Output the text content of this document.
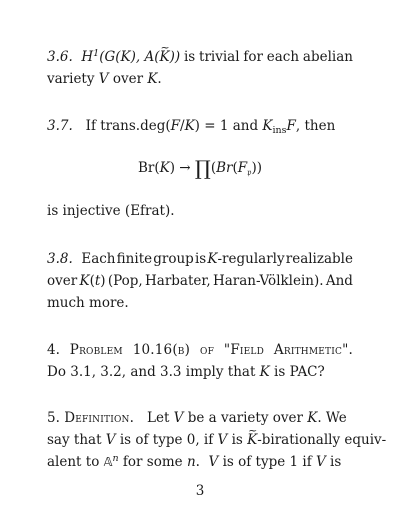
3.6. $H^1(G(K)$, A(K ~)) is trivial for each abelian
variety V over K.
3.7.   If trans.deg(F/K) = 1 and $K_{ins}F$, then
$Br(K) \to \prod(Br(F_𝔭))$
is injective (Efrat).
3.8.  Each finite group is K-regularly realizable
over K(t) (Pop, Harbater, Haran-Völklein). And
much more.
4. Problem 10.16(b) of "Field Arithmetic".
Do 3.1, 3.2, and 3.3 imply that K is PAC?
5. Definition.   Let V be a variety over K. We
say that V is of type 0, if V is K ~-birationally equiv-
alent to 𝔸$^n$ for some n.  V is of type 1 if V is
3
